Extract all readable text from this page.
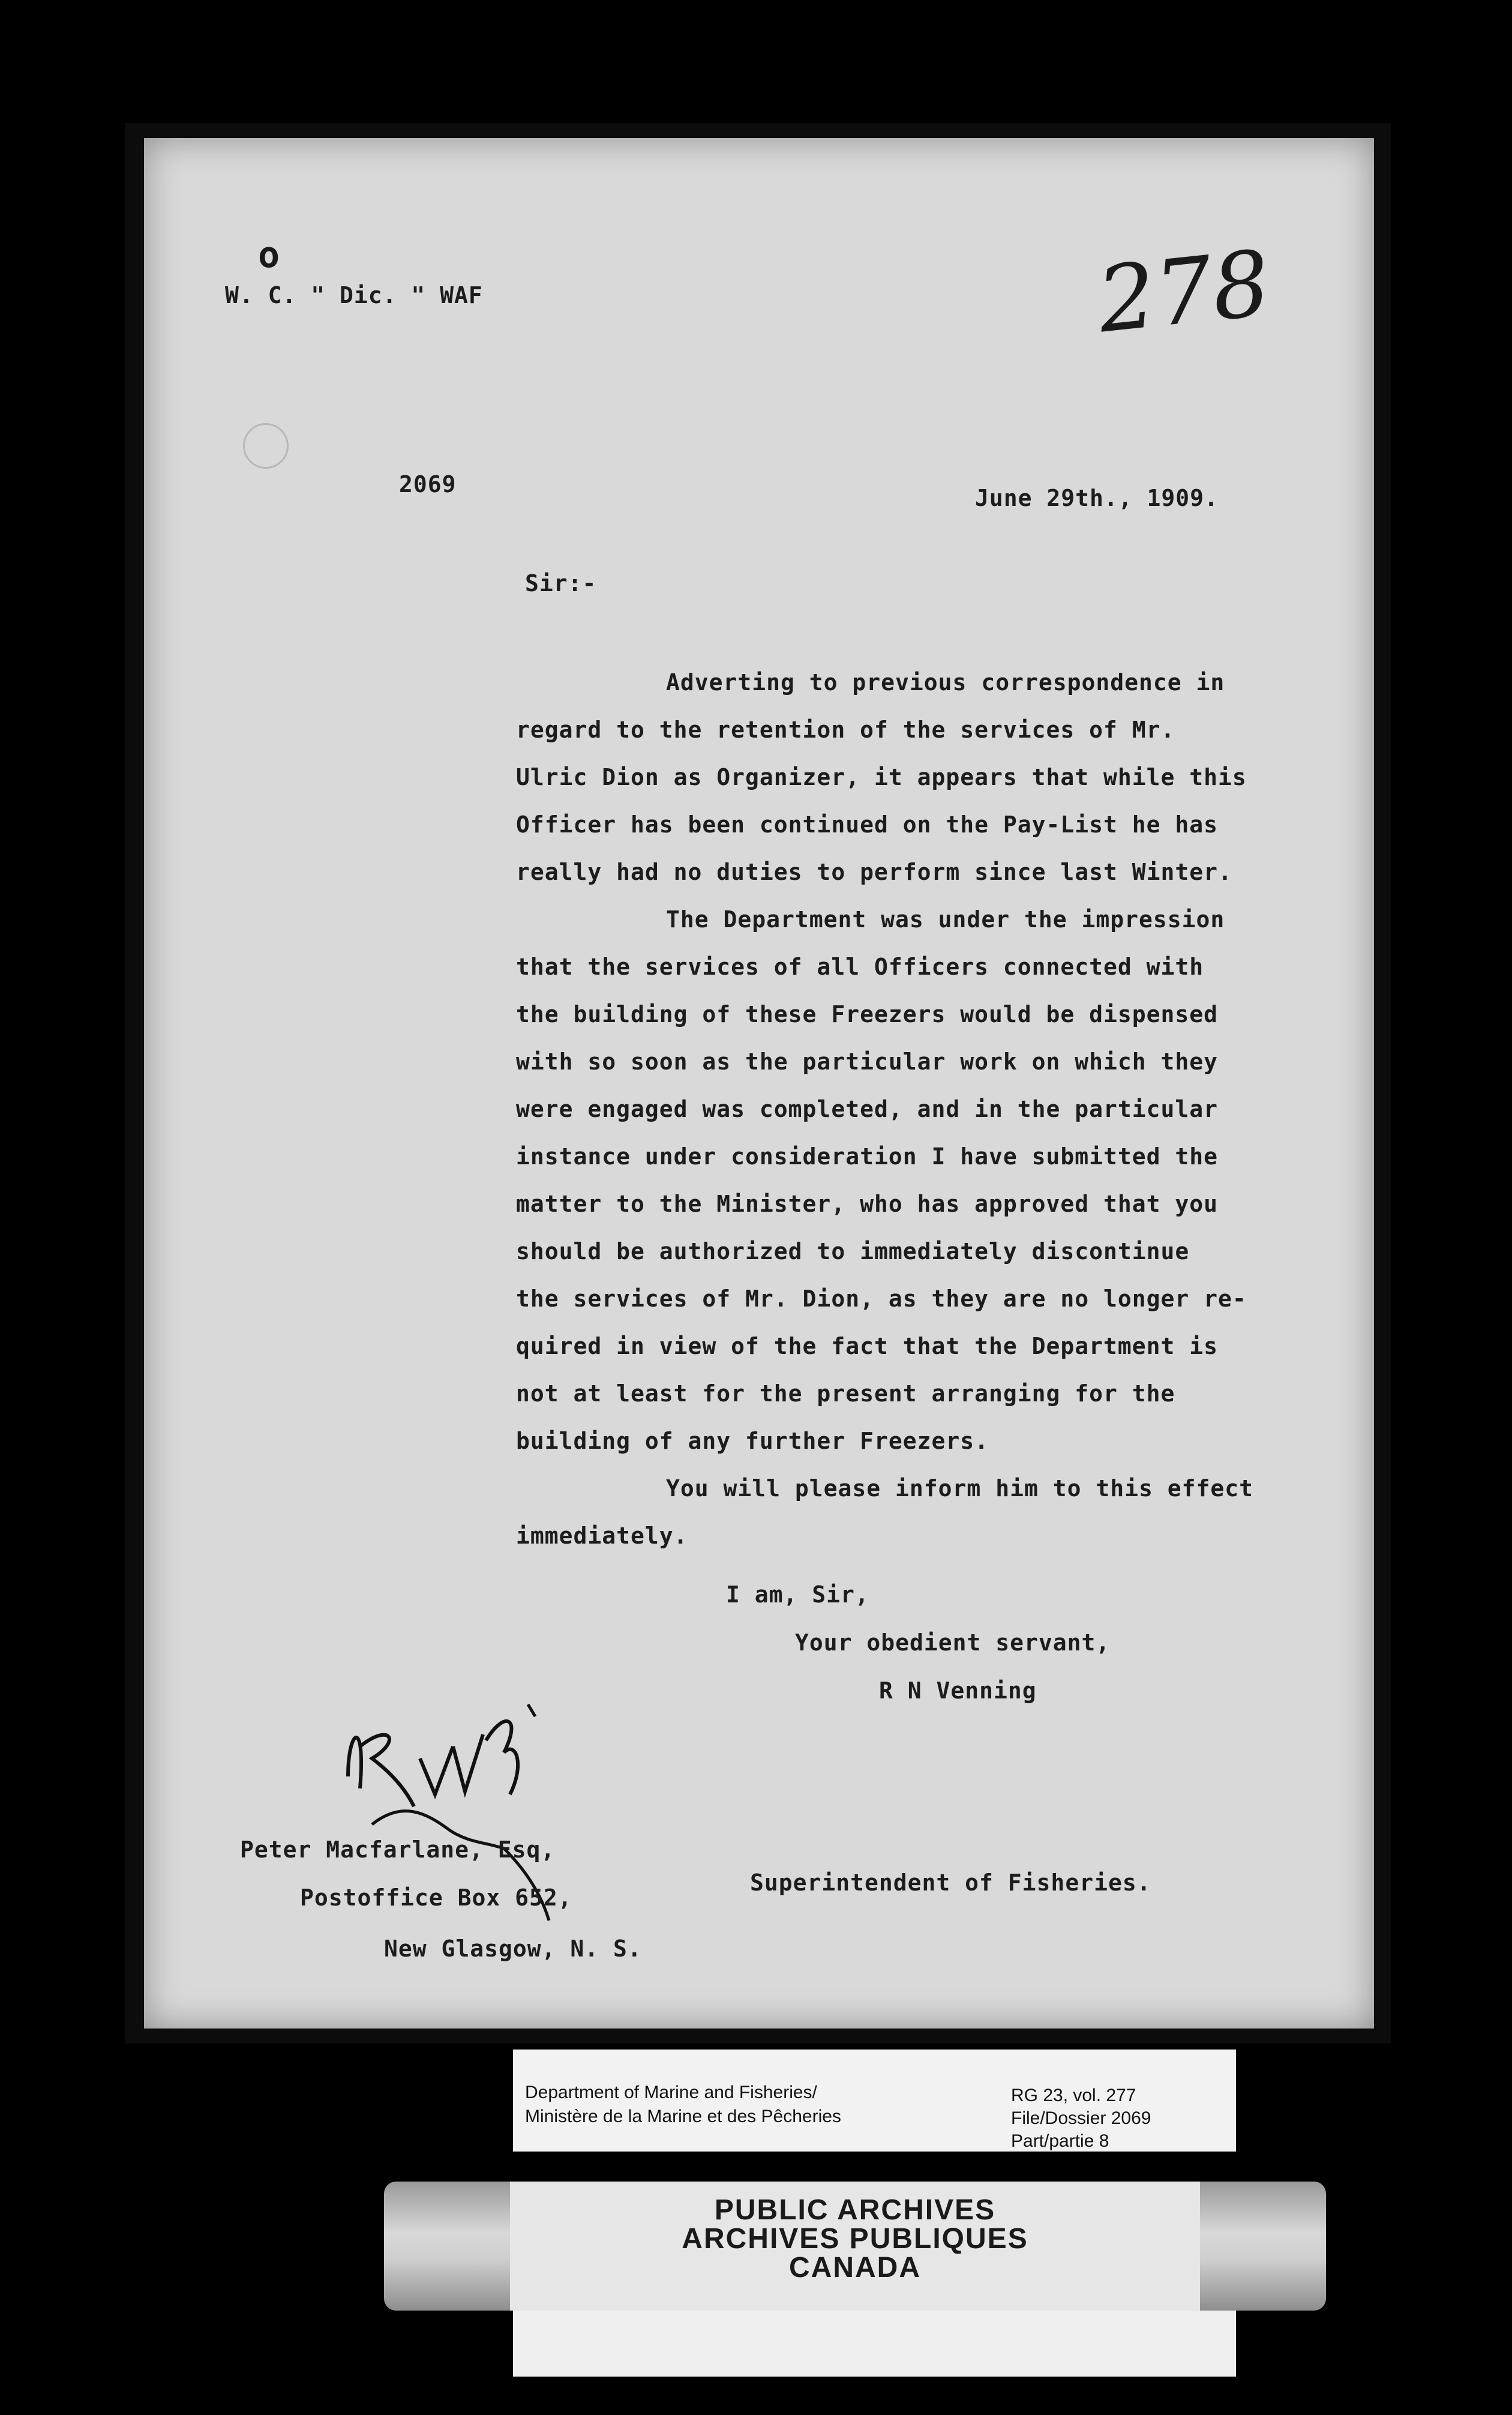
o
W. C. " Dic. " WAF	278
2069
June 29th., 1909.
Sir:-
Adverting to previous correspondence in
regard to the retention of the services of Mr.
Ulric Dion as Organizer, it appears that while this
Officer has been continued on the Pay-List he has
really had no duties to perform since last Winter.
The Department was under the impression
that the services of all Officers connected with
the building of these Freezers would be dispensed
with so soon as the particular work on which they
were engaged was completed, and in the particular
instance under consideration I have submitted the
matter to the Minister, who has approved that you
should be authorized to immediately discontinue
the services of Mr. Dion, as they are no longer re-
quired in view of the fact that the Department is
not at least for the present arranging for the
building of any further Freezers.
You will please inform him to this effect
immediately.
I am, Sir,
Your obedient servant,
R N Venning
Peter Macfarlane, Esq,
Postoffice Box 652,
New Glasgow, N. S.
Superintendent of Fisheries.
Department of Marine and Fisheries/
Ministère de la Marine et des Pêcheries
RG 23, vol. 277
File/Dossier 2069
Part/partie 8
PUBLIC ARCHIVES
ARCHIVES PUBLIQUES
CANADA
